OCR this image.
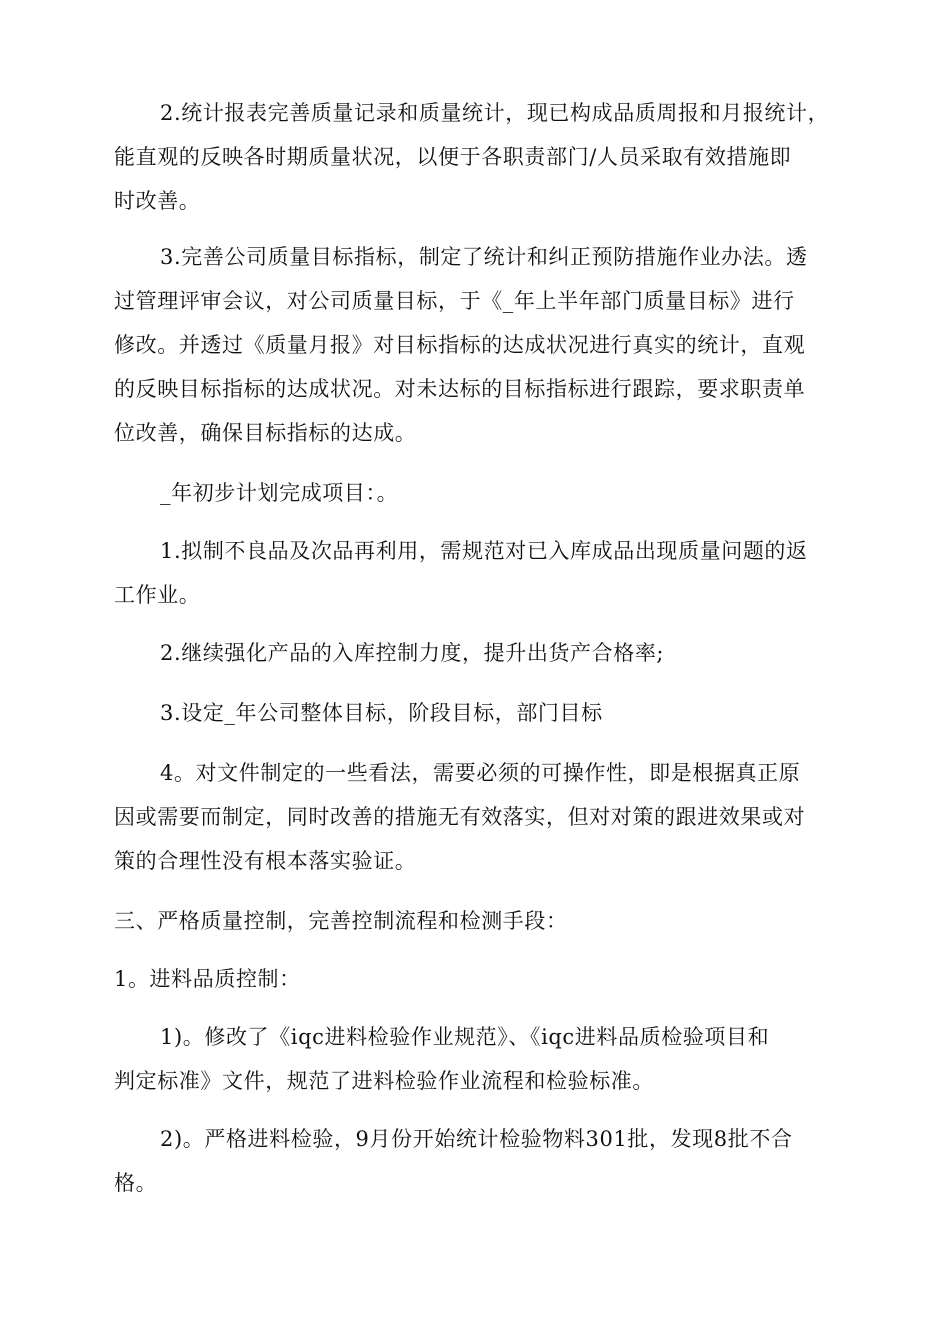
2.统计报表完善质量记录和质量统计，现已构成品质周报和月报统计，
能直观的反映各时期质量状况，以便于各职责部门/人员采取有效措施即
时改善。
3.完善公司质量目标指标，制定了统计和纠正预防措施作业办法。透
过管理评审会议，对公司质量目标，于《_年上半年部门质量目标》进行
修改。并透过《质量月报》对目标指标的达成状况进行真实的统计，直观
的反映目标指标的达成状况。对未达标的目标指标进行跟踪，要求职责单
位改善，确保目标指标的达成。
_年初步计划完成项目：。
1.拟制不良品及次品再利用，需规范对已入库成品出现质量问题的返
工作业。
2.继续强化产品的入库控制力度，提升出货产合格率;
3.设定_年公司整体目标，阶段目标，部门目标
4。对文件制定的一些看法，需要必须的可操作性，即是根据真正原
因或需要而制定，同时改善的措施无有效落实，但对对策的跟进效果或对
策的合理性没有根本落实验证。
三、严格质量控制，完善控制流程和检测手段：
1。进料品质控制：
1)。修改了《iqc进料检验作业规范》、《iqc进料品质检验项目和
判定标准》文件，规范了进料检验作业流程和检验标准。
2)。严格进料检验，9月份开始统计检验物料301批，发现8批不合
格。
